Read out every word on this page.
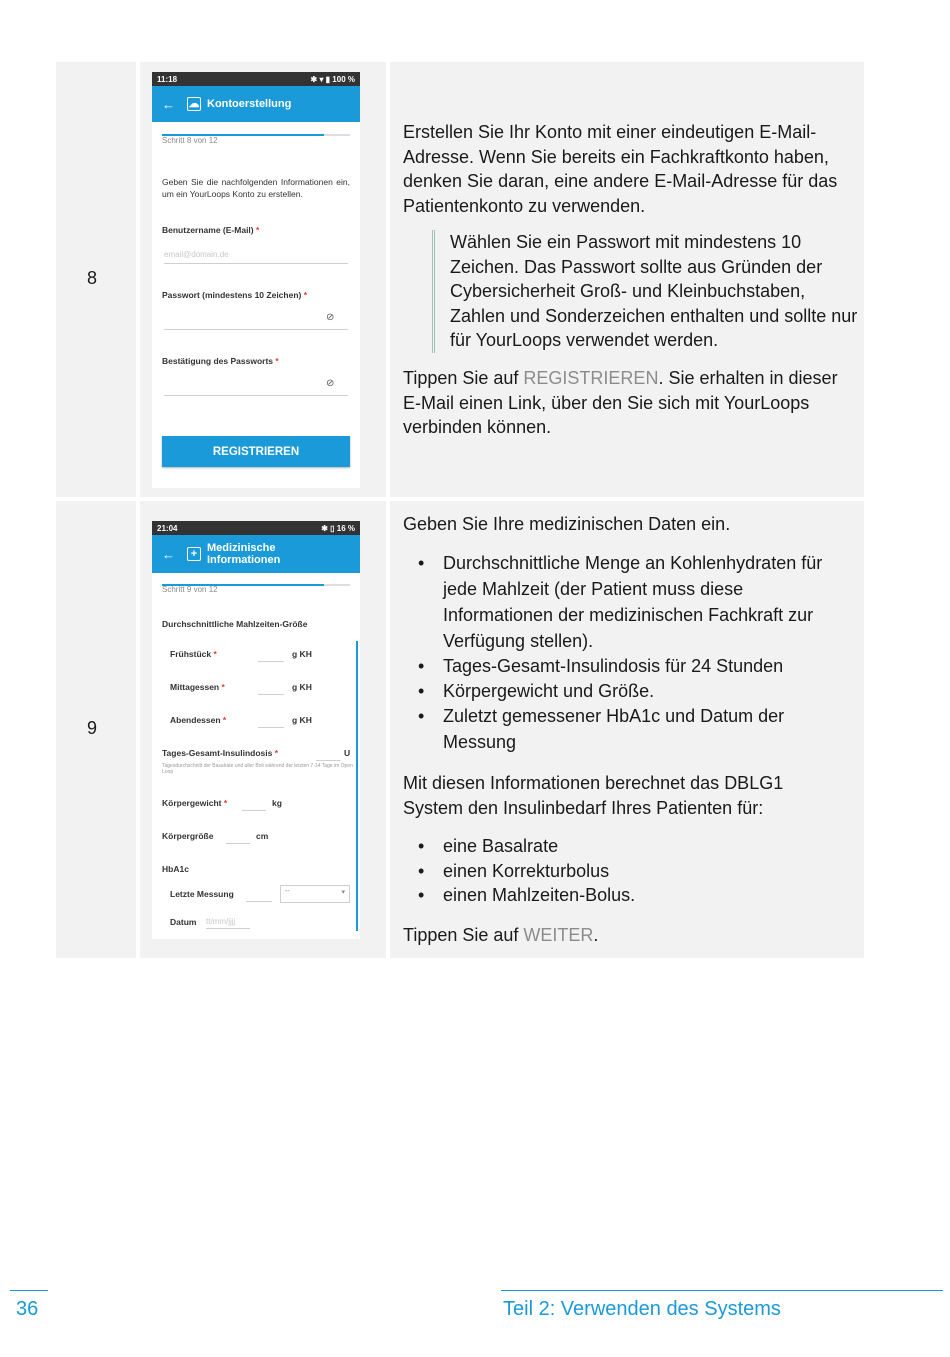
8
11:18	✱ ▾ ▮ 100 %
← ☁ Kontoerstellung
Schritt 8 von 12
Geben Sie die nachfolgenden Informationen ein, um ein YourLoops Konto zu erstellen.
Benutzername (E-Mail) *
email@domain.de
Passwort (mindestens 10 Zeichen) *
⊘
Bestätigung des Passworts *
⊘
REGISTRIEREN

Erstellen Sie Ihr Konto mit einer eindeutigen E-Mail-Adresse. Wenn Sie bereits ein Fachkraftkonto haben, denken Sie daran, eine andere E-Mail-Adresse für das Patientenkonto zu verwenden.

Wählen Sie ein Passwort mit mindestens 10 Zeichen. Das Passwort sollte aus Gründen der Cybersicherheit Groß- und Kleinbuchstaben, Zahlen und Sonderzeichen enthalten und sollte nur für YourLoops verwendet werden.

Tippen Sie auf REGISTRIEREN. Sie erhalten in dieser E-Mail einen Link, über den Sie sich mit YourLoops verbinden können.

9
21:04	✱ ▯ 16 %
←	+ Medizinische
Informationen
Schritt 9 von 12
Durchschnittliche Mahlzeiten-Größe
Frühstück *	g KH
Mittagessen *	g KH
Abendessen *	g KH
Tages-Gesamt-Insulindosis *	U
Tagesdurchschnitt der Basalrate und aller Boli während der letzten 7-14 Tage im Open Loop
Körpergewicht *	kg
Körpergröße	cm
HbA1c
Letzte Messung	--	▾
Datum tt/mm/jjjj

Geben Sie Ihre medizinischen Daten ein.

• Durchschnittliche Menge an Kohlenhydraten für jede Mahlzeit (der Patient muss diese Informationen der medizinischen Fachkraft zur Verfügung stellen).
• Tages-Gesamt-Insulindosis für 24 Stunden
• Körpergewicht und Größe.
• Zuletzt gemessener HbA1c und Datum der Messung

Mit diesen Informationen berechnet das DBLG1 System den Insulinbedarf Ihres Patienten für:

• eine Basalrate
• einen Korrekturbolus
• einen Mahlzeiten-Bolus.

Tippen Sie auf WEITER.

36	Teil 2: Verwenden des Systems
